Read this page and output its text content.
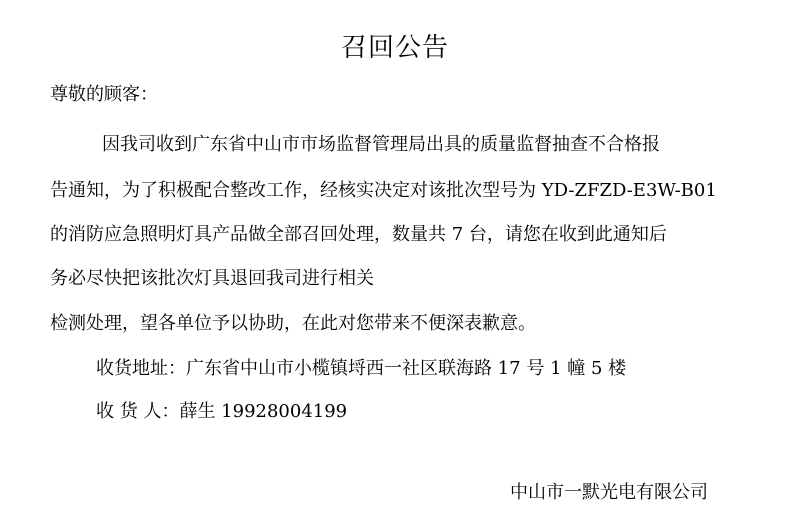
召回公告
尊敬的顾客：
因我司收到广东省中山市市场监督管理局出具的质量监督抽查不合格报
告通知，为了积极配合整改工作，经核实决定对该批次型号为 YD-ZFZD-E3W-B01
的消防应急照明灯具产品做全部召回处理，数量共 7 台，请您在收到此通知后
务必尽快把该批次灯具退回我司进行相关
检测处理，望各单位予以协助，在此对您带来不便深表歉意。
收货地址：广东省中山市小榄镇埒西一社区联海路 17 号 1 幢 5 楼
收 货 人：薛生 19928004199
中山市一默光电有限公司
